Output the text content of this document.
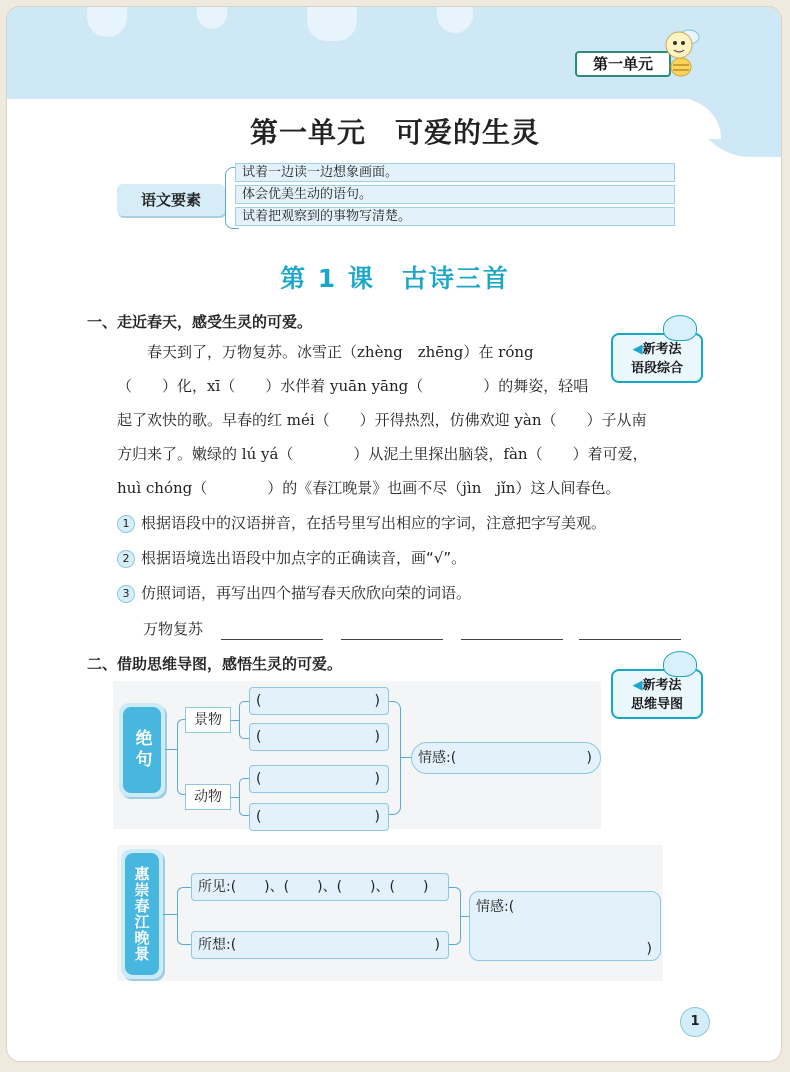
第一单元
第一单元　可爱的生灵
语文要素
试着一边读一边想象画面。
体会优美生动的语句。
试着把观察到的事物写清楚。
第 1 课　古诗三首
一、走近春天，感受生灵的可爱。
◀新考法
语段综合
　　春天到了，万物复苏。冰雪正（zhèng　zhēng）在 róng
（　　）化，xī（　　）水伴着 yuān yāng（　　　　）的舞姿，轻唱
起了欢快的歌。早春的红 méi（　　）开得热烈，仿佛欢迎 yàn（　　）子从南
方归来了。嫩绿的 lú yá（　　　　）从泥土里探出脑袋，fàn（　　）着可爱，
huì chóng（　　　　）的《春江晚景》也画不尽（jìn　jǐn）这人间春色。
1 根据语段中的汉语拼音，在括号里写出相应的字词，注意把字写美观。
2 根据语境选出语段中加点字的正确读音，画“√”。
3 仿照词语，再写出四个描写春天欣欣向荣的词语。
万物复苏
二、借助思维导图，感悟生灵的可爱。
◀新考法
思维导图
绝句
景物
动物
(	)
(	)
(	)
(	)
情感:(	)
惠崇春江晚景	所见:(　　)、(　　)、(　　)、(　　)
所想:(	)
情感:(
)
1
